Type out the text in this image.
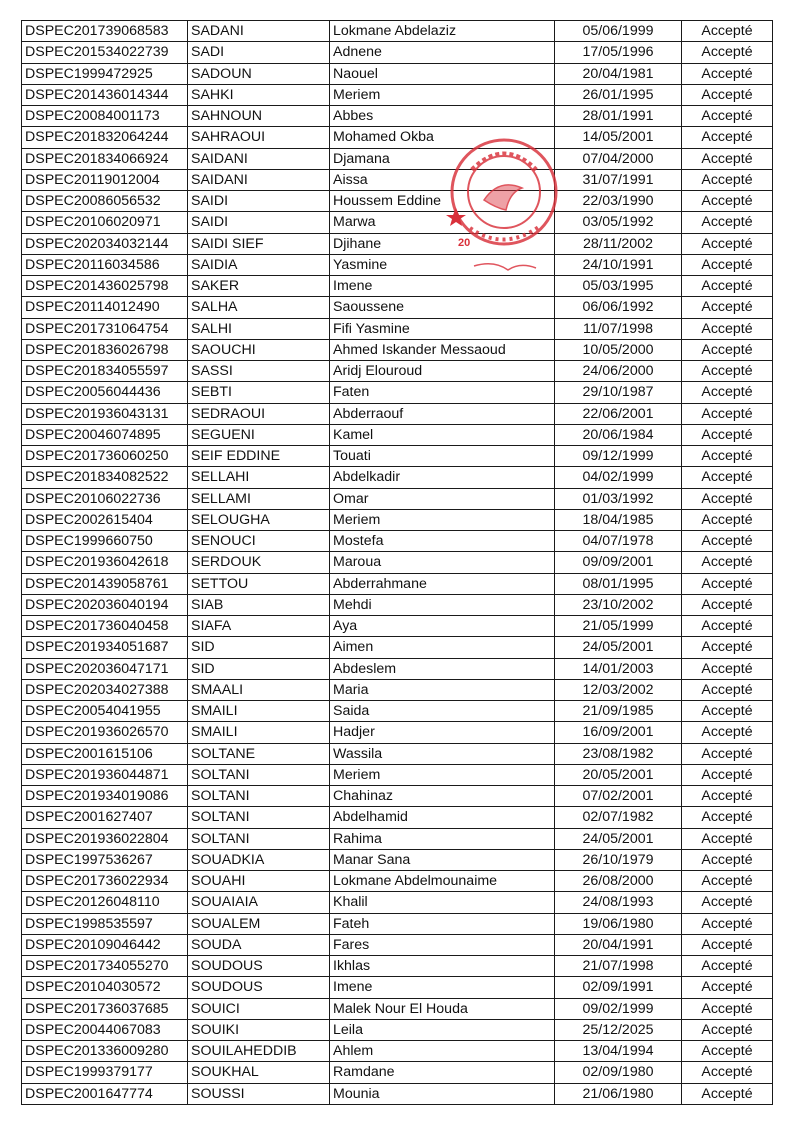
DSPEC201739068583	SADANI	Lokmane Abdelaziz	05/06/1999	Accepté
DSPEC201534022739	SADI	Adnene	17/05/1996	Accepté
DSPEC1999472925	SADOUN	Naouel	20/04/1981	Accepté
DSPEC201436014344	SAHKI	Meriem	26/01/1995	Accepté
DSPEC20084001173	SAHNOUN	Abbes	28/01/1991	Accepté
DSPEC201832064244	SAHRAOUI	Mohamed Okba	14/05/2001	Accepté
DSPEC201834066924	SAIDANI	Djamana	07/04/2000	Accepté
DSPEC20119012004	SAIDANI	Aissa	31/07/1991	Accepté
DSPEC20086056532	SAIDI	Houssem Eddine	22/03/1990	Accepté
DSPEC20106020971	SAIDI	Marwa	03/05/1992	Accepté
DSPEC202034032144	SAIDI SIEF	Djihane	28/11/2002	Accepté
DSPEC20116034586	SAIDIA	Yasmine	24/10/1991	Accepté
DSPEC201436025798	SAKER	Imene	05/03/1995	Accepté
DSPEC20114012490	SALHA	Saoussene	06/06/1992	Accepté
DSPEC201731064754	SALHI	Fifi Yasmine	11/07/1998	Accepté
DSPEC201836026798	SAOUCHI	Ahmed Iskander Messaoud	10/05/2000	Accepté
DSPEC201834055597	SASSI	Aridj Elouroud	24/06/2000	Accepté
DSPEC20056044436	SEBTI	Faten	29/10/1987	Accepté
DSPEC201936043131	SEDRAOUI	Abderraouf	22/06/2001	Accepté
DSPEC20046074895	SEGUENI	Kamel	20/06/1984	Accepté
DSPEC201736060250	SEIF EDDINE	Touati	09/12/1999	Accepté
DSPEC201834082522	SELLAHI	Abdelkadir	04/02/1999	Accepté
DSPEC20106022736	SELLAMI	Omar	01/03/1992	Accepté
DSPEC2002615404	SELOUGHA	Meriem	18/04/1985	Accepté
DSPEC1999660750	SENOUCI	Mostefa	04/07/1978	Accepté
DSPEC201936042618	SERDOUK	Maroua	09/09/2001	Accepté
DSPEC201439058761	SETTOU	Abderrahmane	08/01/1995	Accepté
DSPEC202036040194	SIAB	Mehdi	23/10/2002	Accepté
DSPEC201736040458	SIAFA	Aya	21/05/1999	Accepté
DSPEC201934051687	SID	Aimen	24/05/2001	Accepté
DSPEC202036047171	SID	Abdeslem	14/01/2003	Accepté
DSPEC202034027388	SMAALI	Maria	12/03/2002	Accepté
DSPEC20054041955	SMAILI	Saida	21/09/1985	Accepté
DSPEC201936026570	SMAILI	Hadjer	16/09/2001	Accepté
DSPEC2001615106	SOLTANE	Wassila	23/08/1982	Accepté
DSPEC201936044871	SOLTANI	Meriem	20/05/2001	Accepté
DSPEC201934019086	SOLTANI	Chahinaz	07/02/2001	Accepté
DSPEC2001627407	SOLTANI	Abdelhamid	02/07/1982	Accepté
DSPEC201936022804	SOLTANI	Rahima	24/05/2001	Accepté
DSPEC1997536267	SOUADKIA	Manar Sana	26/10/1979	Accepté
DSPEC201736022934	SOUAHI	Lokmane Abdelmounaime	26/08/2000	Accepté
DSPEC20126048110	SOUAIAIA	Khalil	24/08/1993	Accepté
DSPEC1998535597	SOUALEM	Fateh	19/06/1980	Accepté
DSPEC20109046442	SOUDA	Fares	20/04/1991	Accepté
DSPEC201734055270	SOUDOUS	Ikhlas	21/07/1998	Accepté
DSPEC20104030572	SOUDOUS	Imene	02/09/1991	Accepté
DSPEC201736037685	SOUICI	Malek Nour El Houda	09/02/1999	Accepté
DSPEC20044067083	SOUIKI	Leila	25/12/2025	Accepté
DSPEC201336009280	SOUILAHEDDIB	Ahlem	13/04/1994	Accepté
DSPEC1999379177	SOUKHAL	Ramdane	02/09/1980	Accepté
DSPEC2001647774	SOUSSI	Mounia	21/06/1980	Accepté
20
